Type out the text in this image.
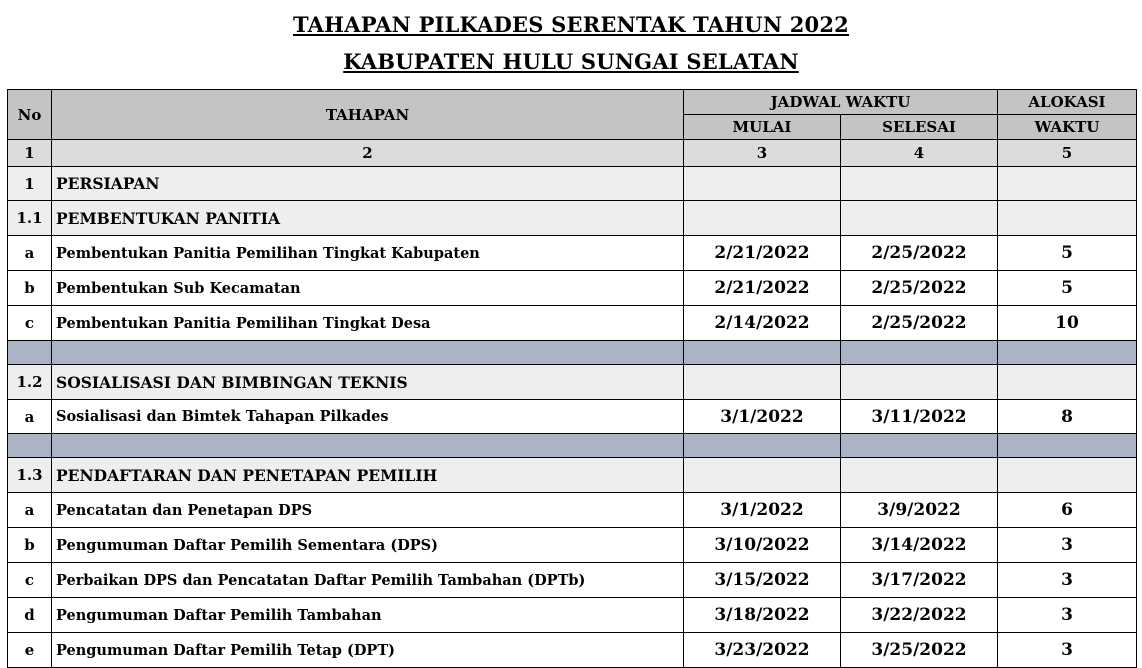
TAHAPAN PILKADES SERENTAK TAHUN 2022
KABUPATEN HULU SUNGAI SELATAN
No	TAHAPAN	JADWAL WAKTU		ALOKASI
		MULAI	SELESAI	WAKTU
1	2	3	4	5
1	PERSIAPAN			
1.1	PEMBENTUKAN PANITIA			
a	Pembentukan Panitia Pemilihan Tingkat Kabupaten	2/21/2022	2/25/2022	5
b	Pembentukan Sub Kecamatan	2/21/2022	2/25/2022	5
c	Pembentukan Panitia Pemilihan Tingkat Desa	2/14/2022	2/25/2022	10

1.2	SOSIALISASI DAN BIMBINGAN TEKNIS			
a	Sosialisasi dan Bimtek Tahapan Pilkades	3/1/2022	3/11/2022	8

1.3	PENDAFTARAN DAN PENETAPAN PEMILIH			
a	Pencatatan dan Penetapan DPS	3/1/2022	3/9/2022	6
b	Pengumuman Daftar Pemilih Sementara (DPS)	3/10/2022	3/14/2022	3
c	Perbaikan DPS dan Pencatatan Daftar Pemilih Tambahan (DPTb)	3/15/2022	3/17/2022	3
d	Pengumuman Daftar Pemilih Tambahan	3/18/2022	3/22/2022	3
e	Pengumuman Daftar Pemilih Tetap (DPT)	3/23/2022	3/25/2022	3
